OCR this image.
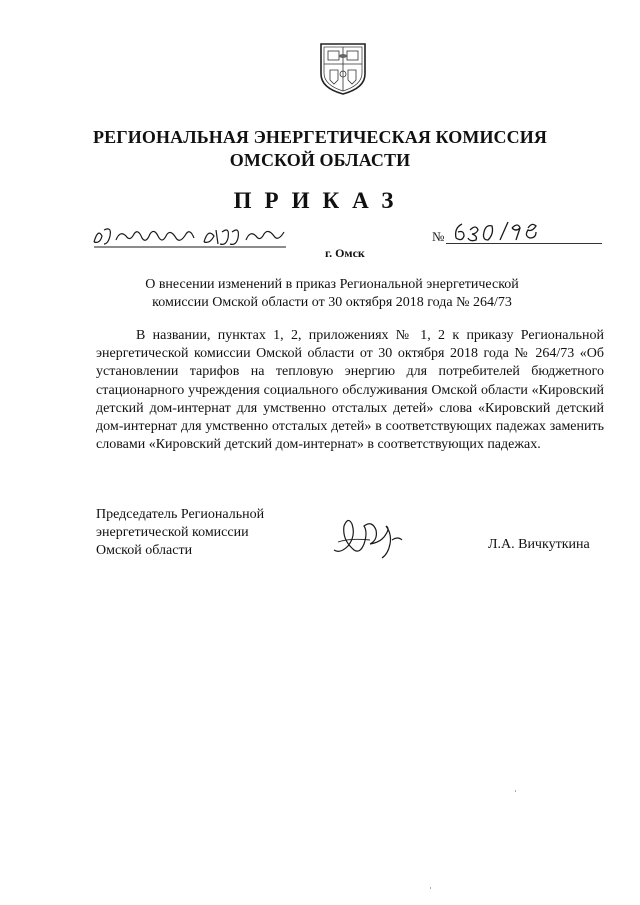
РЕГИОНАЛЬНАЯ ЭНЕРГЕТИЧЕСКАЯ КОМИССИЯ
ОМСКОЙ ОБЛАСТИ
ПРИКАЗ
г. Омск
№
О внесении изменений в приказ Региональной энергетической
комиссии Омской области от 30 октября 2018 года № 264/73

В названии, пунктах 1, 2, приложениях № 1, 2 к приказу Региональной энергетической комиссии Омской области от 30 октября 2018 года № 264/73 «Об установлении тарифов на тепловую энергию для потребителей бюджетного стационарного учреждения социального обслуживания Омской области «Кировский детский дом-интернат для умственно отсталых детей» слова «Кировский детский дом-интернат для умственно отсталых детей» в соответствующих падежах заменить словами «Кировский детский дом-интернат» в соответствующих падежах.

Председатель Региональной
энергетической комиссии
Омской области	Л.А. Вичкуткина
